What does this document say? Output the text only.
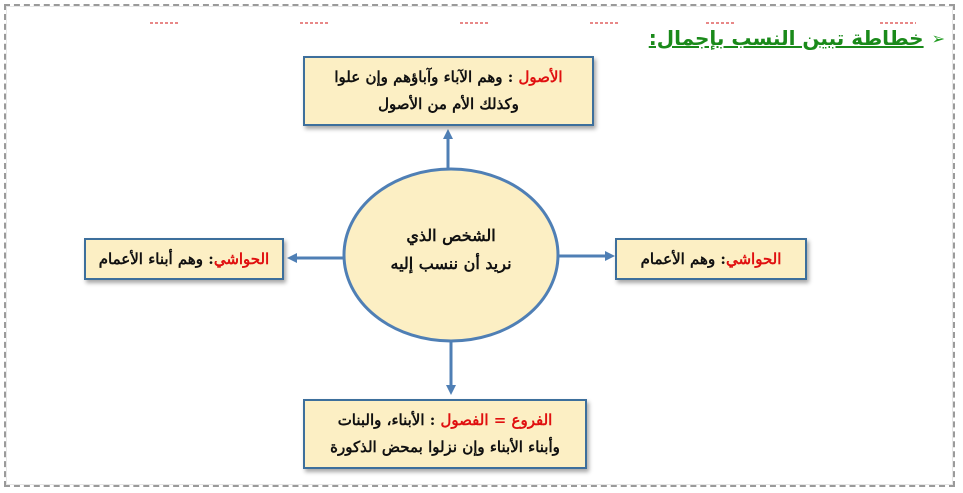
➢
خطاطة تبين النسب بإجمال:
الشخص الذي
نريد أن ننسب إليه
الأصول : وهم الآباء وآباؤهم وإن علوا
وكذلك الأم من الأصول
الحواشي: وهم الأعمام
الحواشي: وهم أبناء الأعمام
الفروع = الفصول : الأبناء، والبنات
وأبناء الأبناء وإن نزلوا بمحض الذكورة
